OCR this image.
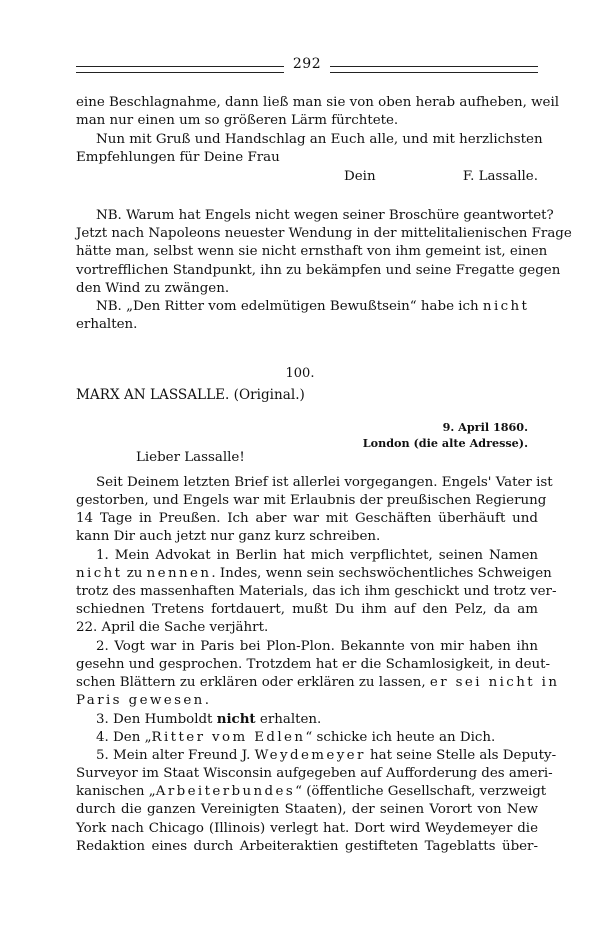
292
eine Beschlagnahme, dann ließ man sie von oben herab aufheben, weil
man nur einen um so größeren Lärm fürchtete.
Nun mit Gruß und Handschlag an Euch alle, und mit herzlichsten
Empfehlungen für Deine Frau
Dein	F. Lassalle.
NB. Warum hat Engels nicht wegen seiner Broschüre geantwortet?
Jetzt nach Napoleons neuester Wendung in der mittelitalienischen Frage
hätte man, selbst wenn sie nicht ernsthaft von ihm gemeint ist, einen
vortrefflichen Standpunkt, ihn zu bekämpfen und seine Fregatte gegen
den Wind zu zwängen.
NB. „Den Ritter vom edelmütigen Bewußtsein“ habe ich nicht
erhalten.
100.
MARX AN LASSALLE. (Original.)
9. April 1860.
London (die alte Adresse).
Lieber Lassalle!
Seit Deinem letzten Brief ist allerlei vorgegangen. Engels' Vater ist
gestorben, und Engels war mit Erlaubnis der preußischen Regierung
14 Tage in Preußen. Ich aber war mit Geschäften überhäuft und
kann Dir auch jetzt nur ganz kurz schreiben.
1. Mein Advokat in Berlin hat mich verpflichtet, seinen Namen
nicht zu nennen. Indes, wenn sein sechswöchentliches Schweigen
trotz des massenhaften Materials, das ich ihm geschickt und trotz ver-
schiednen Tretens fortdauert, mußt Du ihm auf den Pelz, da am
22. April die Sache verjährt.
2. Vogt war in Paris bei Plon-Plon. Bekannte von mir haben ihn
gesehn und gesprochen. Trotzdem hat er die Schamlosigkeit, in deut-
schen Blättern zu erklären oder erklären zu lassen, er sei nicht in
Paris gewesen.
3. Den Humboldt nicht erhalten.
4. Den „Ritter vom Edlen“ schicke ich heute an Dich.
5. Mein alter Freund J. Weydemeyer hat seine Stelle als Deputy-
Surveyor im Staat Wisconsin aufgegeben auf Aufforderung des ameri-
kanischen „Arbeiterbundes“ (öffentliche Gesellschaft, verzweigt
durch die ganzen Vereinigten Staaten), der seinen Vorort von New
York nach Chicago (Illinois) verlegt hat. Dort wird Weydemeyer die
Redaktion eines durch Arbeiteraktien gestifteten Tageblatts über-
